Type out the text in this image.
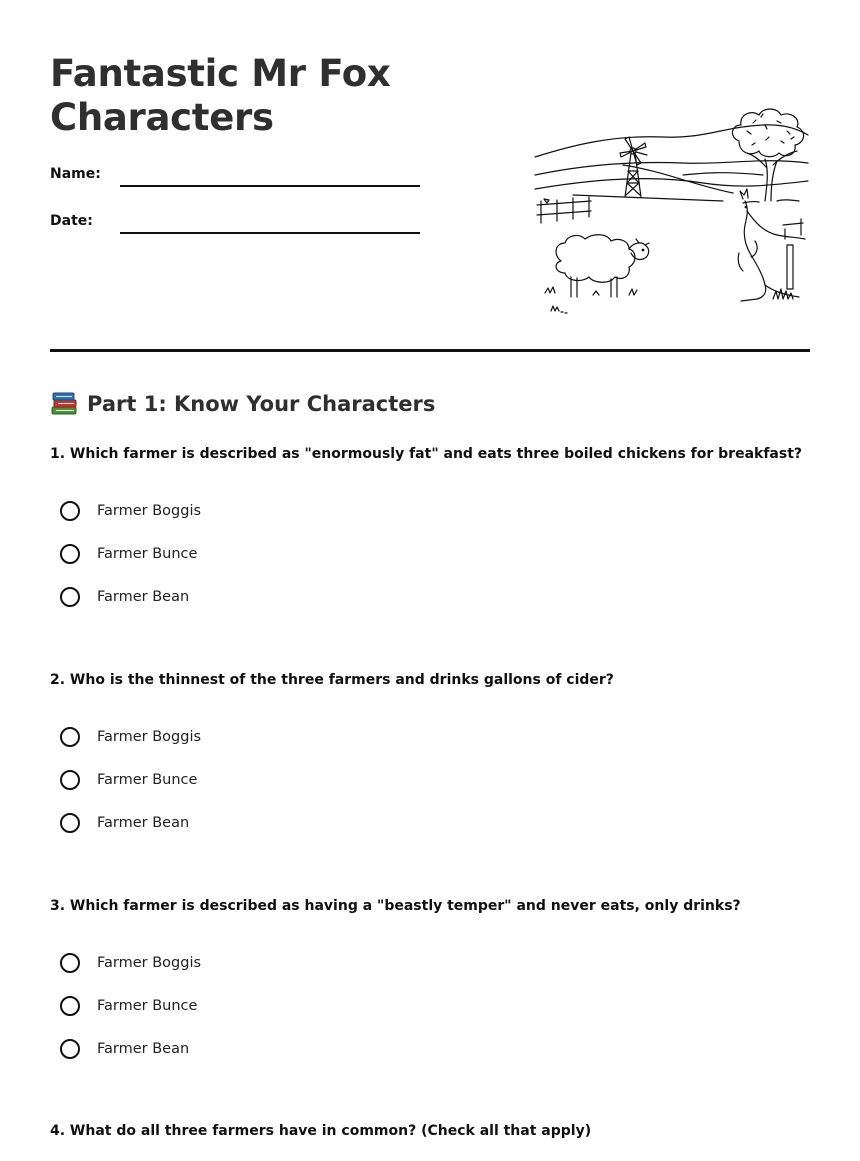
Fantastic Mr Fox
Characters
Name:
Date:
Part 1: Know Your Characters

1. Which farmer is described as "enormously fat" and eats three boiled chickens for breakfast?

Farmer Boggis
Farmer Bunce
Farmer Bean

2. Who is the thinnest of the three farmers and drinks gallons of cider?

Farmer Boggis
Farmer Bunce
Farmer Bean

3. Which farmer is described as having a "beastly temper" and never eats, only drinks?

Farmer Boggis
Farmer Bunce
Farmer Bean

4. What do all three farmers have in common? (Check all that apply)
